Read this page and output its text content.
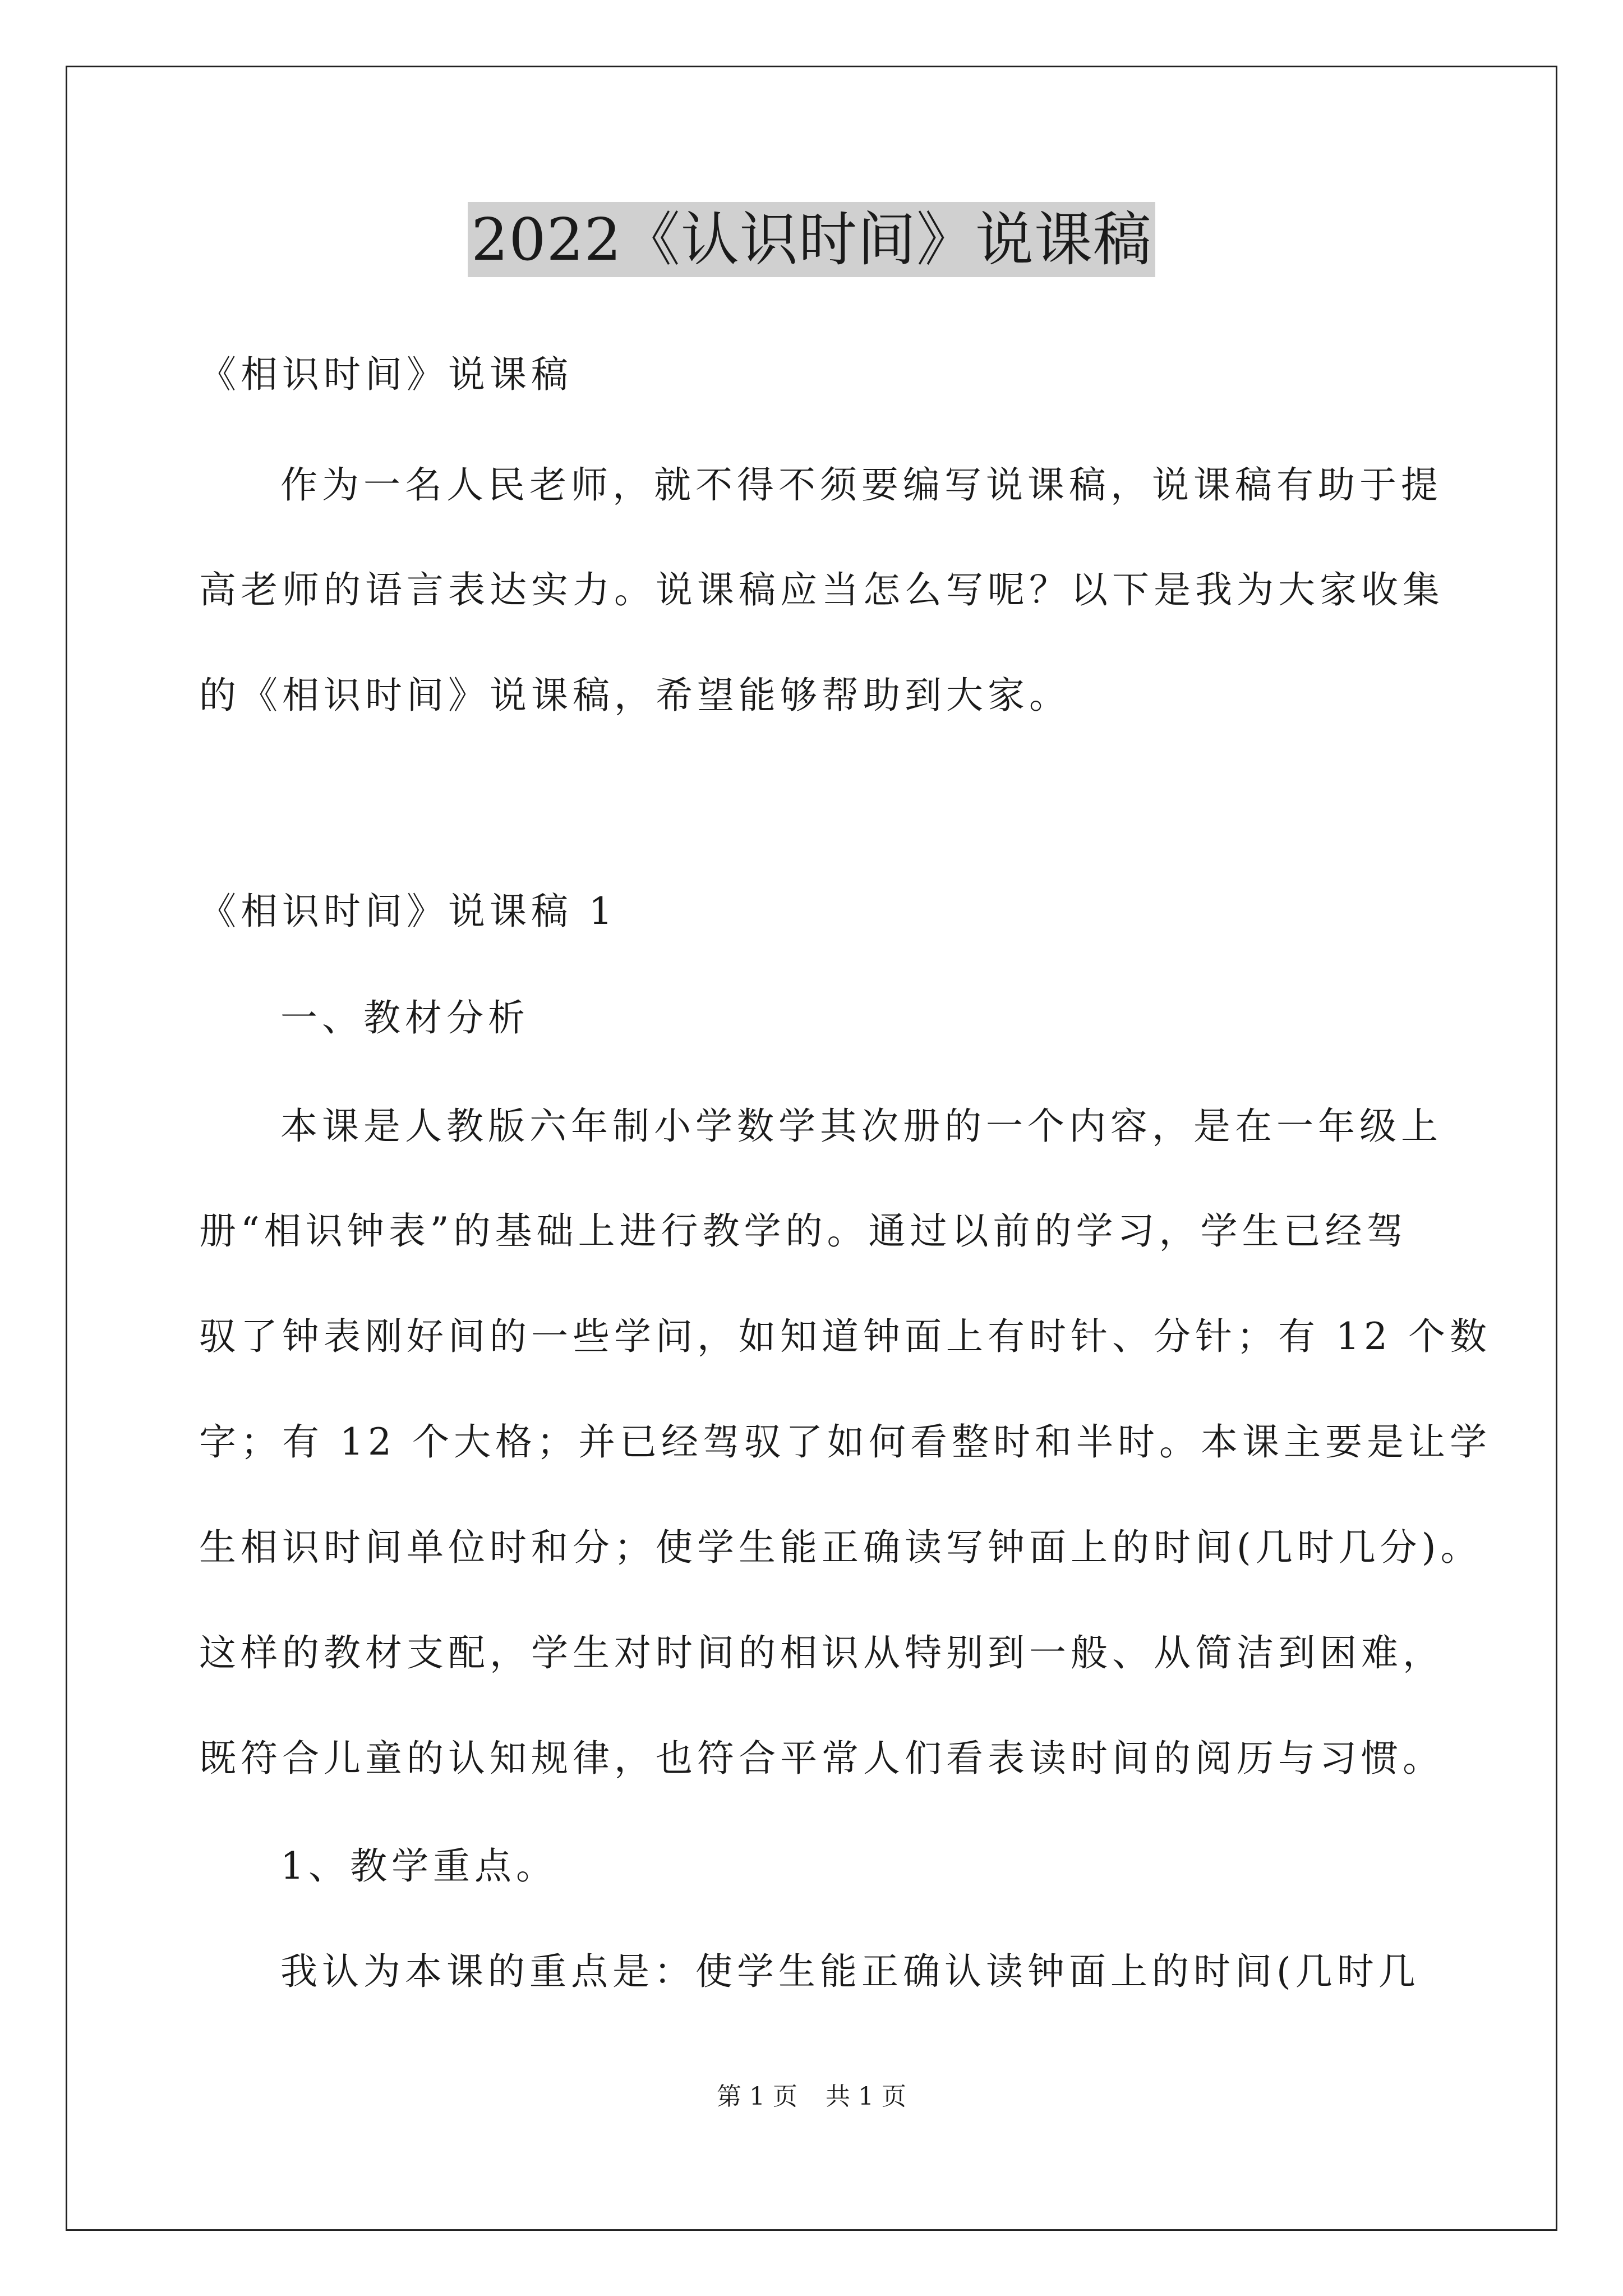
2022《认识时间》说课稿
《相识时间》说课稿
作为一名人民老师，就不得不须要编写说课稿，说课稿有助于提
高老师的语言表达实力。说课稿应当怎么写呢？以下是我为大家收集
的《相识时间》说课稿，希望能够帮助到大家。
《相识时间》说课稿 1
一、教材分析
本课是人教版六年制小学数学其次册的一个内容，是在一年级上
册“相识钟表”的基础上进行教学的。通过以前的学习，学生已经驾
驭了钟表刚好间的一些学问，如知道钟面上有时针、分针；有 12 个数
字；有 12 个大格；并已经驾驭了如何看整时和半时。本课主要是让学
生相识时间单位时和分；使学生能正确读写钟面上的时间(几时几分)。
这样的教材支配，学生对时间的相识从特别到一般、从简洁到困难，
既符合儿童的认知规律，也符合平常人们看表读时间的阅历与习惯。
1、教学重点。
我认为本课的重点是：使学生能正确认读钟面上的时间(几时几
第 1 页 共 1 页
